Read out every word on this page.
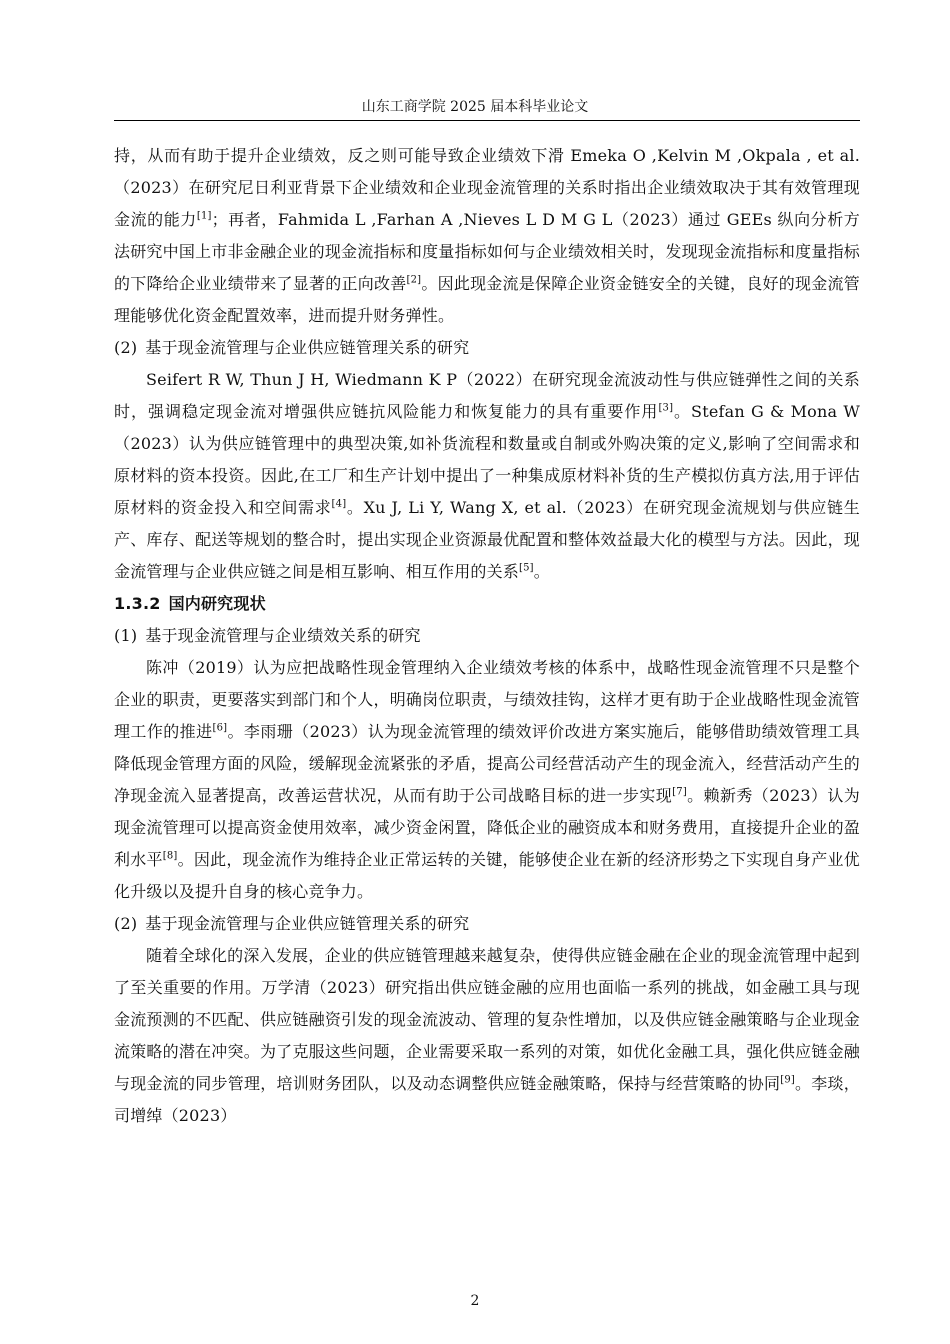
山东工商学院 2025 届本科毕业论文

持，从而有助于提升企业绩效，反之则可能导致企业绩效下滑 Emeka O ,Kelvin M ,Okpala , et al.（2023）在研究尼日利亚背景下企业绩效和企业现金流管理的关系时指出企业绩效取决于其有效管理现金流的能力[1]；再者，Fahmida L ,Farhan A ,Nieves L D M G L（2023）通过 GEEs 纵向分析方法研究中国上市非金融企业的现金流指标和度量指标如何与企业绩效相关时，发现现金流指标和度量指标的下降给企业业绩带来了显著的正向改善[2]。因此现金流是保障企业资金链安全的关键，良好的现金流管理能够优化资金配置效率，进而提升财务弹性。

(2) 基于现金流管理与企业供应链管理关系的研究

Seifert R W, Thun J H, Wiedmann K P（2022）在研究现金流波动性与供应链弹性之间的关系时，强调稳定现金流对增强供应链抗风险能力和恢复能力的具有重要作用[3]。Stefan G & Mona W（2023）认为供应链管理中的典型决策,如补货流程和数量或自制或外购决策的定义,影响了空间需求和原材料的资本投资。因此,在工厂和生产计划中提出了一种集成原材料补货的生产模拟仿真方法,用于评估原材料的资金投入和空间需求[4]。Xu J, Li Y, Wang X, et al.（2023）在研究现金流规划与供应链生产、库存、配送等规划的整合时，提出实现企业资源最优配置和整体效益最大化的模型与方法。因此，现金流管理与企业供应链之间是相互影响、相互作用的关系[5]。

1.3.2 国内研究现状

(1) 基于现金流管理与企业绩效关系的研究

陈冲（2019）认为应把战略性现金管理纳入企业绩效考核的体系中，战略性现金流管理不只是整个企业的职责，更要落实到部门和个人，明确岗位职责，与绩效挂钩，这样才更有助于企业战略性现金流管理工作的推进[6]。李雨珊（2023）认为现金流管理的绩效评价改进方案实施后，能够借助绩效管理工具降低现金管理方面的风险，缓解现金流紧张的矛盾，提高公司经营活动产生的现金流入，经营活动产生的净现金流入显著提高，改善运营状况，从而有助于公司战略目标的进一步实现[7]。赖新秀（2023）认为现金流管理可以提高资金使用效率，减少资金闲置，降低企业的融资成本和财务费用，直接提升企业的盈利水平[8]。因此，现金流作为维持企业正常运转的关键，能够使企业在新的经济形势之下实现自身产业优化升级以及提升自身的核心竞争力。

(2) 基于现金流管理与企业供应链管理关系的研究

随着全球化的深入发展，企业的供应链管理越来越复杂，使得供应链金融在企业的现金流管理中起到了至关重要的作用。万学清（2023）研究指出供应链金融的应用也面临一系列的挑战，如金融工具与现金流预测的不匹配、供应链融资引发的现金流波动、管理的复杂性增加，以及供应链金融策略与企业现金流策略的潜在冲突。为了克服这些问题，企业需要采取一系列的对策，如优化金融工具，强化供应链金融与现金流的同步管理，培训财务团队，以及动态调整供应链金融策略，保持与经营策略的协同[9]。李琰，司增绰（2023）

2
